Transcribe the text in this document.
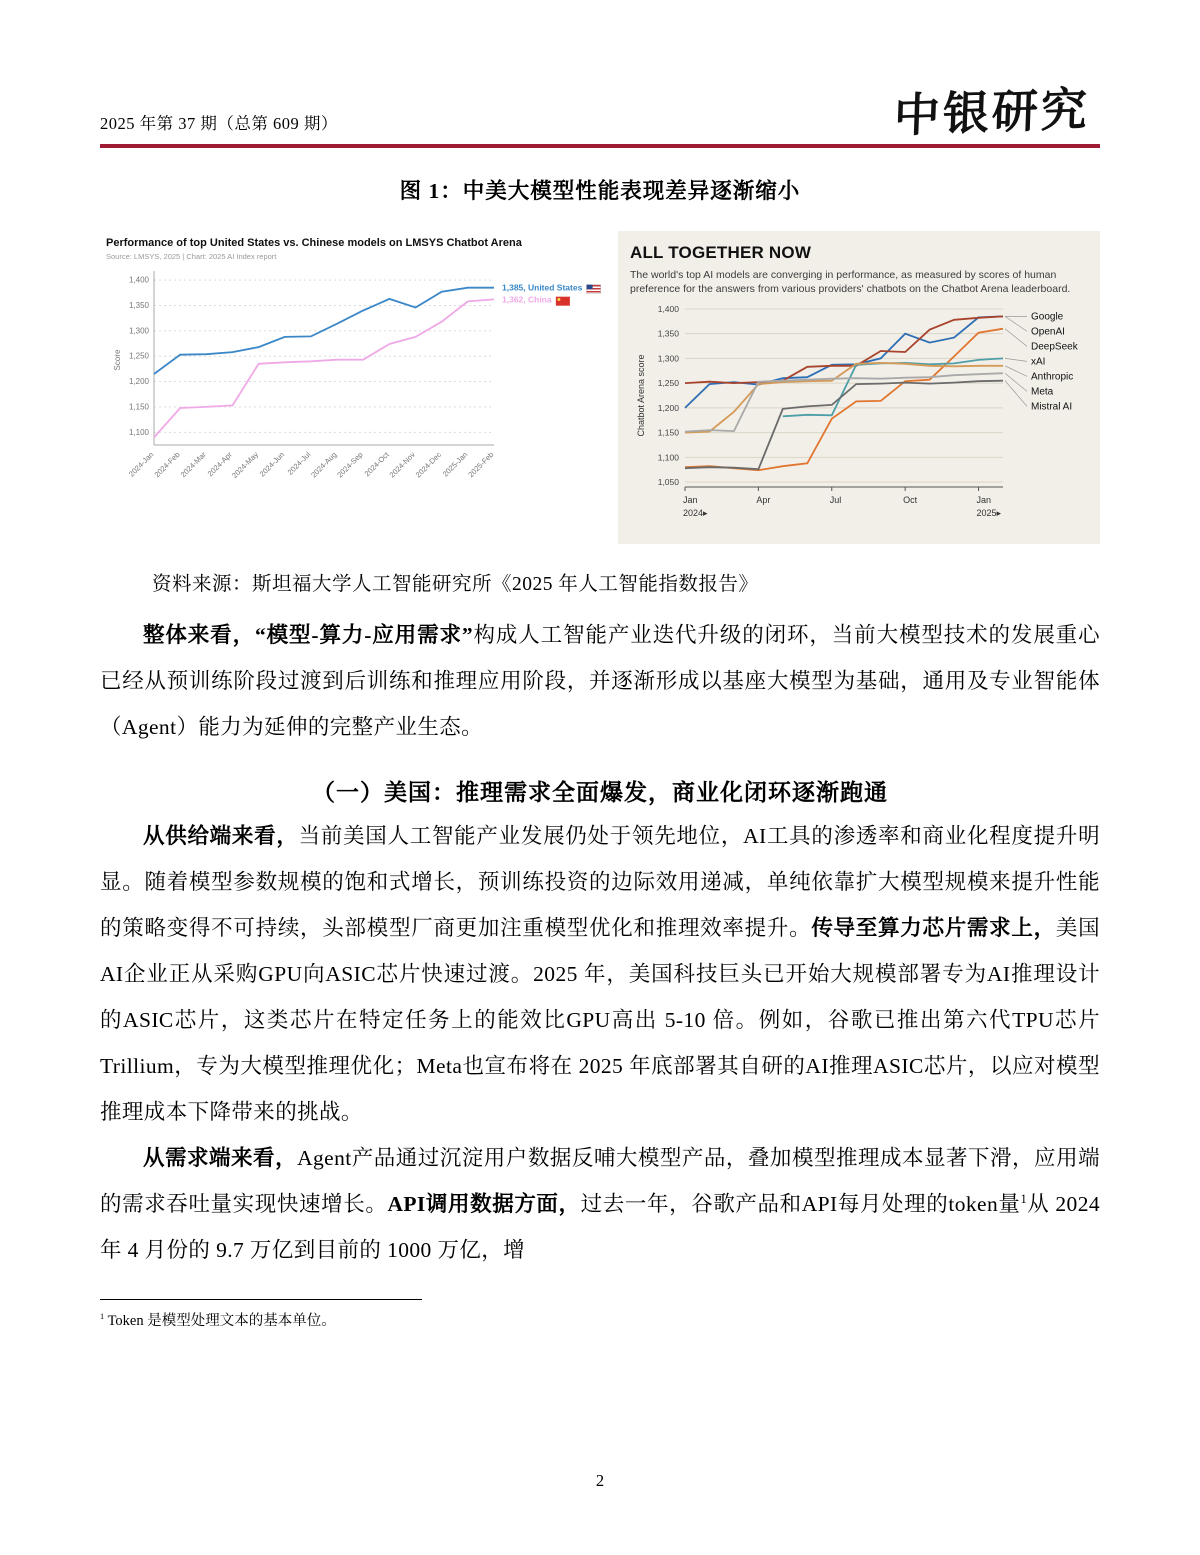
2025 年第 37 期（总第 609 期）	中银研究
图 1：中美大模型性能表现差异逐渐缩小
Performance of top United States vs. Chinese models on LMSYS Chatbot Arena
Source: LMSYS, 2025 | Chart: 2025 AI Index report
1,100
1,150
1,200
1,250
1,300
1,350
1,400
Score
2024-Jan
2024-Feb
2024-Mar
2024-Apr
2024-May
2024-Jun 2024-Jul
2024-Aug
2024-Sep
2024-Oct
2024-Nov
2024-Dec
2025-Jan
2025-Feb
1,385, United States
1,362, China
ALL TOGETHER NOW
The world's top AI models are converging in performance, as measured by scores of human preference for the answers from various providers' chatbots on the Chatbot Arena leaderboard.
1,050
1,100
1,150
1,200
1,250
1,300
1,350
1,400
Chatbot Arena score
Jan
2024▸
Apr	Jul	Oct	Jan
2025▸
Google
OpenAI
DeepSeek
xAI
Anthropic
Meta
Mistral AI

资料来源：斯坦福大学人工智能研究所《2025 年人工智能指数报告》

整体来看，“模型-算力-应用需求”构成人工智能产业迭代升级的闭环，当前大模型技术的发展重心已经从预训练阶段过渡到后训练和推理应用阶段，并逐渐形成以基座大模型为基础，通用及专业智能体（Agent）能力为延伸的完整产业生态。

（一）美国：推理需求全面爆发，商业化闭环逐渐跑通

从供给端来看，当前美国人工智能产业发展仍处于领先地位，AI工具的渗透率和商业化程度提升明显。随着模型参数规模的饱和式增长，预训练投资的边际效用递减，单纯依靠扩大模型规模来提升性能的策略变得不可持续，头部模型厂商更加注重模型优化和推理效率提升。传导至算力芯片需求上，美国AI企业正从采购GPU向ASIC芯片快速过渡。2025 年，美国科技巨头已开始大规模部署专为AI推理设计的ASIC芯片，这类芯片在特定任务上的能效比GPU高出 5-10 倍。例如，谷歌已推出第六代TPU芯片Trillium，专为大模型推理优化；Meta也宣布将在 2025 年底部署其自研的AI推理ASIC芯片，以应对模型推理成本下降带来的挑战。

从需求端来看，Agent产品通过沉淀用户数据反哺大模型产品，叠加模型推理成本显著下滑，应用端的需求吞吐量实现快速增长。API调用数据方面，过去一年，谷歌产品和API每月处理的token量$^1$从 2024 年 4 月份的 9.7 万亿到目前的 1000 万亿，增

$^1$ Token 是模型处理文本的基本单位。

2
